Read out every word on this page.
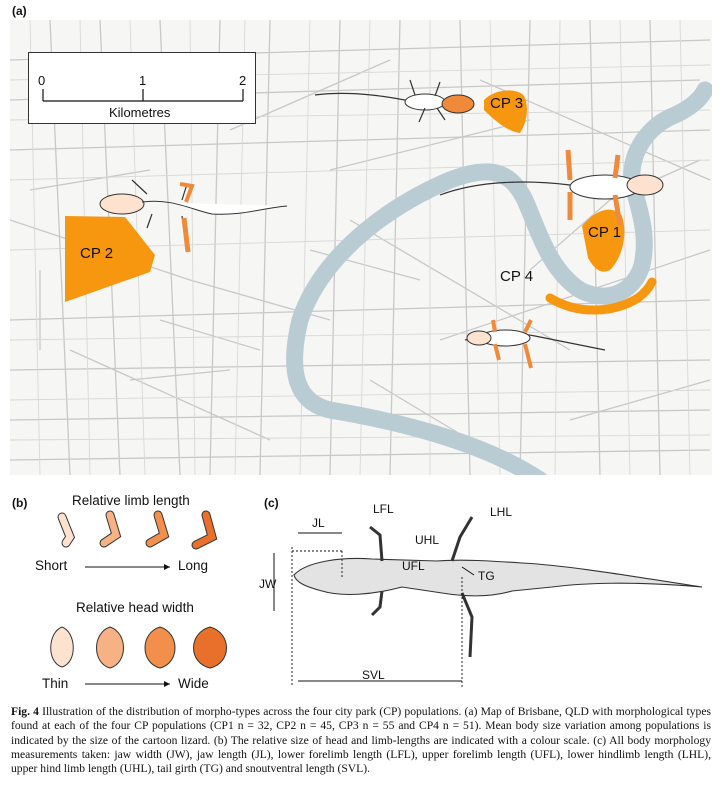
(a)
0	1	2
Kilometres
CP 2
CP 3
CP 1
CP 4
(b)	Relative limb length
Short	Long
Relative head width
Thin	Wide
(c)
JL
LFL
UHL
LHL
JW
UFL
TG
SVL
Fig. 4 Illustration of the distribution of morpho-types across the four city park (CP) populations. (a) Map of Brisbane, QLD with morphological types found at each of the four CP populations (CP1 n = 32, CP2 n = 45, CP3 n = 55 and CP4 n = 51). Mean body size variation among populations is indicated by the size of the cartoon lizard. (b) The relative size of head and limb-lengths are indicated with a colour scale. (c) All body morphology measurements taken: jaw width (JW), jaw length (JL), lower forelimb length (LFL), upper forelimb length (UFL), lower hindlimb length (LHL), upper hind limb length (UHL), tail girth (TG) and snoutventral length (SVL).
